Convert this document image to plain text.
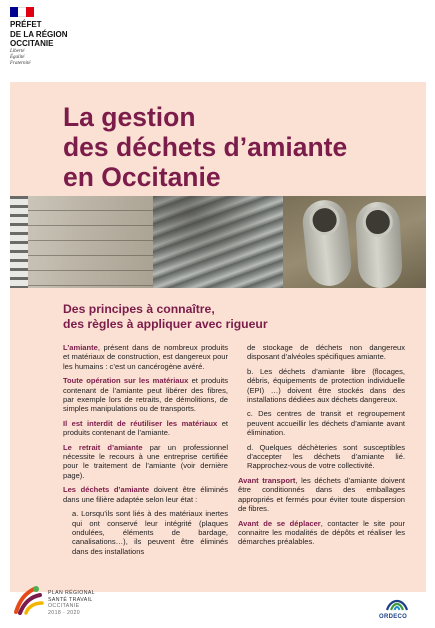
PRÉFET
DE LA RÉGION
OCCITANIE
Liberté
Égalité
Fraternité
La gestion
des déchets d’amiante
en Occitanie
Des principes à connaître,
des règles à appliquer avec rigueur

L’amiante, présent dans de nombreux produits et matériaux de construction, est dangereux pour les humains : c’est un cancérogène avéré.

Toute opération sur les matériaux et produits contenant de l’amiante peut libérer des fibres, par exemple lors de retraits, de démolitions, de simples manipulations ou de transports.

Il est interdit de réutiliser les matériaux et produits contenant de l’amiante.

Le retrait d’amiante par un professionnel nécessite le recours à une entreprise certifiée pour le traitement de l’amiante (voir dernière page).

Les déchets d’amiante doivent être éliminés dans une filière adaptée selon leur état :

a. Lorsqu’ils sont liés à des matériaux inertes qui ont conservé leur intégrité (plaques ondulées, éléments de bardage, canalisations…), ils peuvent être éliminés dans des installations

de stockage de déchets non dangereux disposant d’alvéoles spécifiques amiante.

b. Les déchets d’amiante libre (flocages, débris, équipements de protection individuelle (EPI) …) doivent être stockés dans des installations dédiées aux déchets dangereux.

c. Des centres de transit et regroupement peuvent accueillir les déchets d’amiante avant élimination.

d. Quelques déchèteries sont susceptibles d’accepter les déchets d’amiante lié. Rapprochez-vous de votre collectivité.

Avant transport, les déchets d’amiante doivent être conditionnés dans des emballages appropriés et fermés pour éviter toute dispersion de fibres.

Avant de se déplacer, contacter le site pour connaitre les modalités de dépôts et réaliser les démarches préalables.

PLAN RÉGIONAL
SANTÉ TRAVAIL
OCCITANIE
2018 · 2020
ORDECO
